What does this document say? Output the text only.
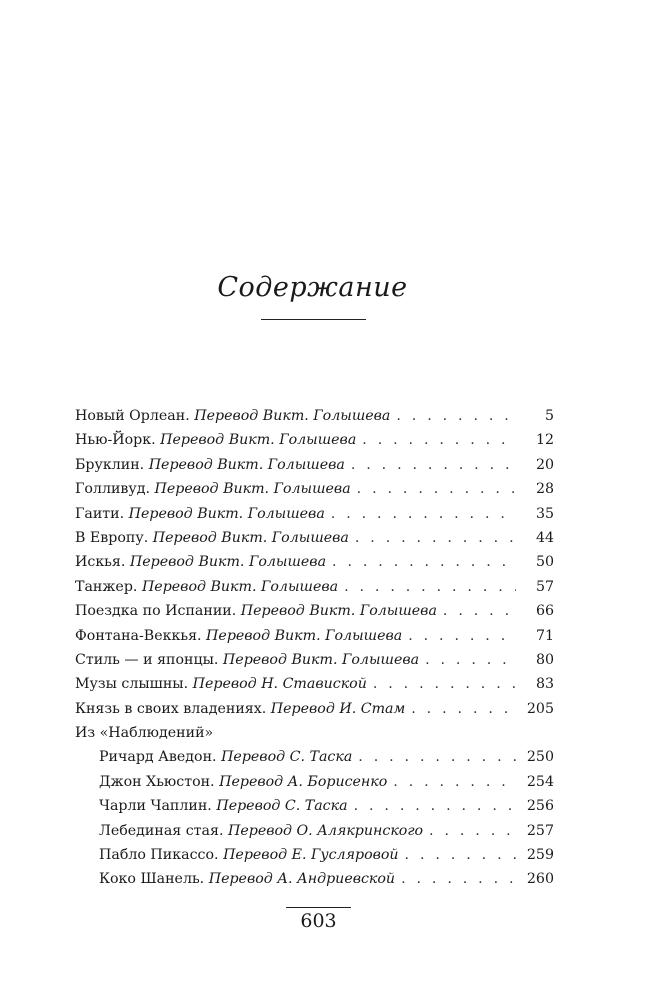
Содержание
Новый Орлеан. Перевод Викт. Голышева . . .	5
Нью-Йорк. Перевод Викт. Голышева . . .	12
Бруклин. Перевод Викт. Голышева . . .	20
Голливуд. Перевод Викт. Голышева . . .	28
Гаити. Перевод Викт. Голышева . . .	35
В Европу. Перевод Викт. Голышева . . .	44
Искья. Перевод Викт. Голышева . . .	50
Танжер. Перевод Викт. Голышева . . .	57
Поездка по Испании. Перевод Викт. Голышева . . .	66
Фонтана-Веккья. Перевод Викт. Голышева . . .	71
Стиль — и японцы. Перевод Викт. Голышева . . .	80
Музы слышны. Перевод Н. Ставиской . . .	83
Князь в своих владениях. Перевод И. Стам . . .	205
Из «Наблюдений»
Ричард Аведон. Перевод С. Таска . . .	250
Джон Хьюстон. Перевод А. Борисенко . . .	254
Чарли Чаплин. Перевод С. Таска . . .	256
Лебединая стая. Перевод О. Алякринского . . .	257
Пабло Пикассо. Перевод Е. Гусляровой . . .	259
Коко Шанель. Перевод А. Андриевской . . .	260
603
